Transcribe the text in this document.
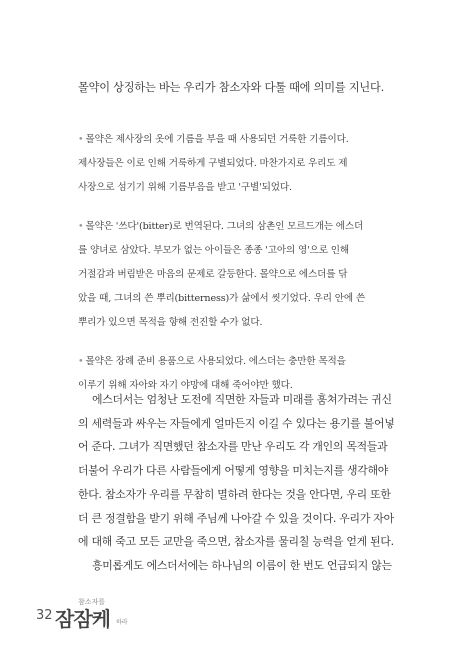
몰약이 상징하는 바는 우리가 참소자와 다툴 때에 의미를 지닌다.
• 몰약은 제사장의 옷에 기름을 부을 때 사용되던 거룩한 기름이다.
제사장들은 이로 인해 거룩하게 구별되었다. 마찬가지로 우리도 제
사장으로 섬기기 위해 기름부음을 받고 '구별'되었다.
• 몰약은 '쓰다'(bitter)로 번역된다. 그녀의 삼촌인 모르드개는 에스더
를 양녀로 삼았다. 부모가 없는 아이들은 종종 '고아의 영'으로 인해
거절감과 버림받은 마음의 문제로 갈등한다. 몰약으로 에스더를 닦
았을 때, 그녀의 쓴 뿌리(bitterness)가 삶에서 씻기었다. 우리 안에 쓴
뿌리가 있으면 목적을 향해 전진할 수가 없다.
• 몰약은 장례 준비 용품으로 사용되었다. 에스더는 충만한 목적을
이루기 위해 자아와 자기 야망에 대해 죽어야만 했다.
에스더서는 엄청난 도전에 직면한 자들과 미래를 훔쳐가려는 귀신
의 세력들과 싸우는 자들에게 얼마든지 이길 수 있다는 용기를 불어넣
어 준다. 그녀가 직면했던 참소자를 만난 우리도 각 개인의 목적들과
더불어 우리가 다른 사람들에게 어떻게 영향을 미치는지를 생각해야
한다. 참소자가 우리를 무참히 멸하려 한다는 것을 안다면, 우리 또한
더 큰 정결함을 받기 위해 주님께 나아갈 수 있을 것이다. 우리가 자아
에 대해 죽고 모든 교만을 죽으면, 참소자를 물리칠 능력을 얻게 된다.
흥미롭게도 에스더서에는 하나님의 이름이 한 번도 언급되지 않는
32
참소자를
잠잠케 하라
